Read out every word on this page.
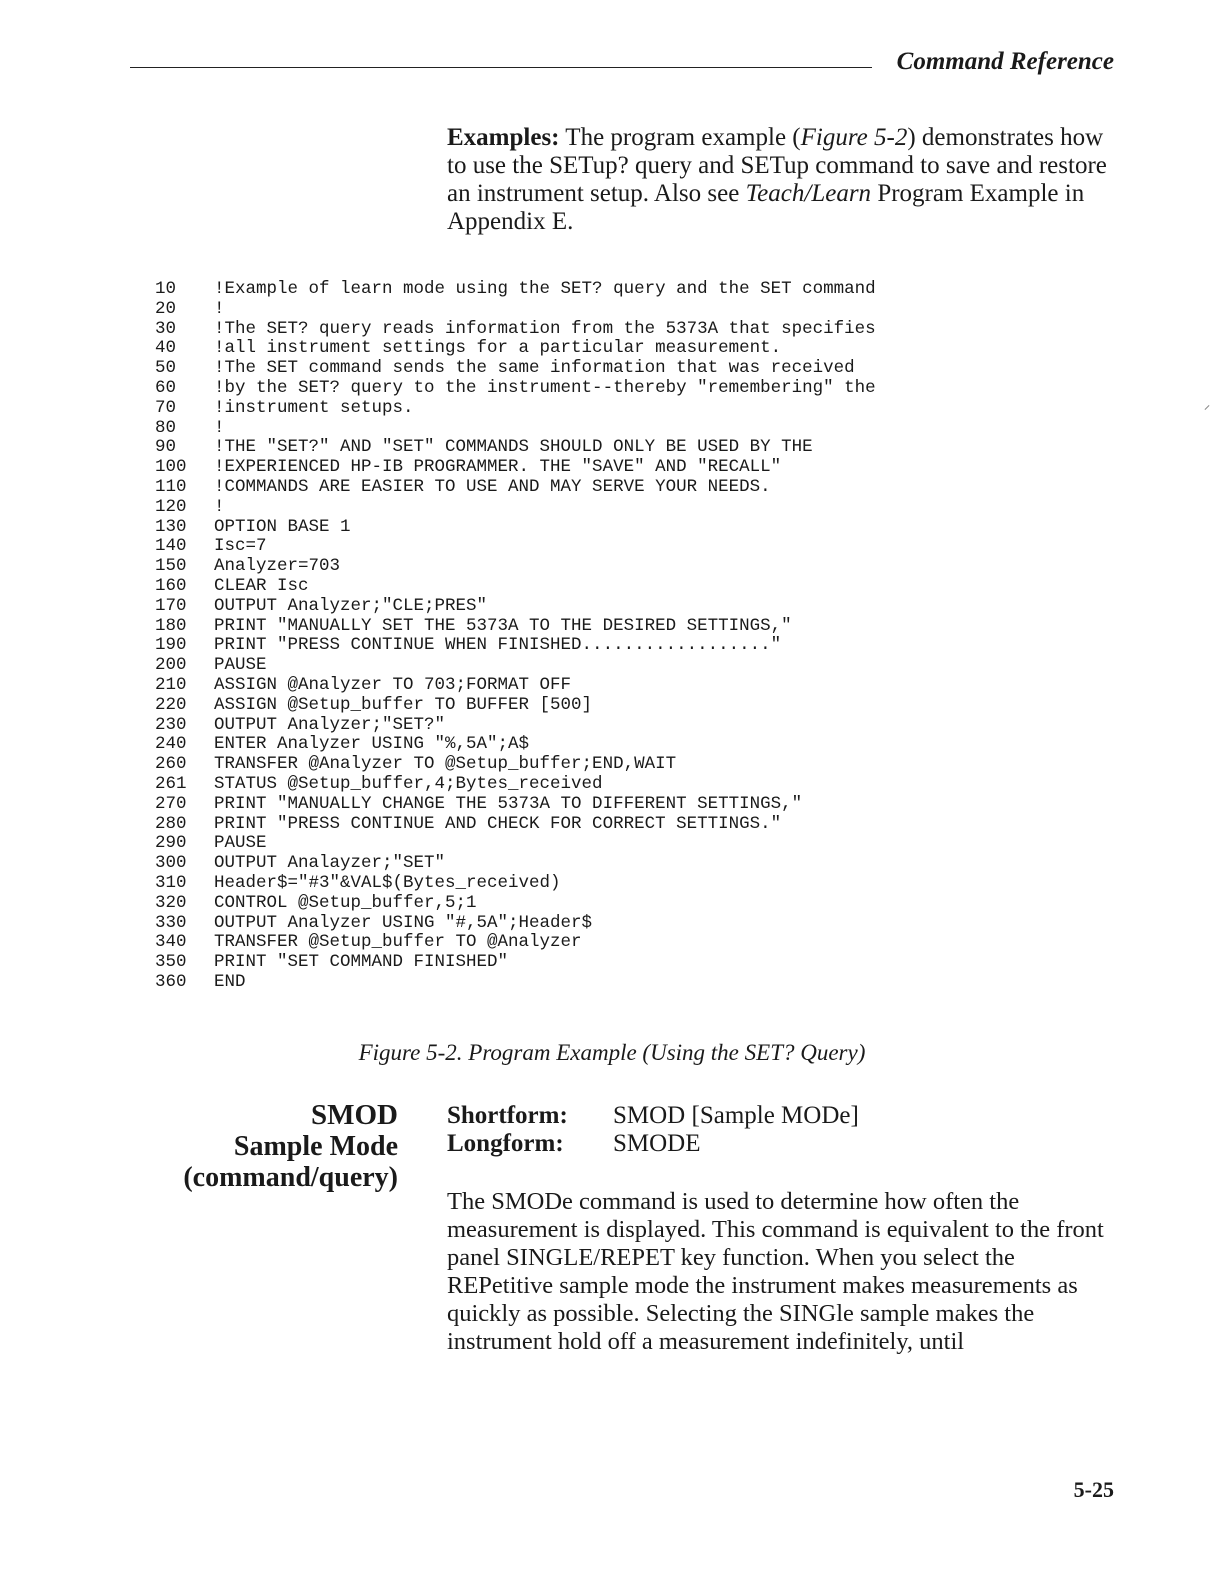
Command Reference
Examples: The program example (Figure 5-2) demonstrates how to use the SETup? query and SETup command to save and restore an instrument setup. Also see Teach/Learn Program Example in Appendix E.
10	!Example of learn mode using the SET? query and the SET command
20	!
30	!The SET? query reads information from the 5373A that specifies
40	!all instrument settings for a particular measurement.
50	!The SET command sends the same information that was received
60	!by the SET? query to the instrument--thereby "remembering" the
70	!instrument setups.
80	!
90	!THE "SET?" AND "SET" COMMANDS SHOULD ONLY BE USED BY THE
100	!EXPERIENCED HP-IB PROGRAMMER. THE "SAVE" AND "RECALL"
110	!COMMANDS ARE EASIER TO USE AND MAY SERVE YOUR NEEDS.
120	!
130	OPTION BASE 1
140	Isc=7
150	Analyzer=703
160	CLEAR Isc
170	OUTPUT Analyzer;"CLE;PRES"
180	PRINT "MANUALLY SET THE 5373A TO THE DESIRED SETTINGS,"
190	PRINT "PRESS CONTINUE WHEN FINISHED.................."
200	PAUSE
210	ASSIGN @Analyzer TO 703;FORMAT OFF
220	ASSIGN @Setup_buffer TO BUFFER [500]
230	OUTPUT Analyzer;"SET?"
240	ENTER Analyzer USING "%,5A";A$
260	TRANSFER @Analyzer TO @Setup_buffer;END,WAIT
261	STATUS @Setup_buffer,4;Bytes_received
270	PRINT "MANUALLY CHANGE THE 5373A TO DIFFERENT SETTINGS,"
280	PRINT "PRESS CONTINUE AND CHECK FOR CORRECT SETTINGS."
290	PAUSE
300	OUTPUT Analayzer;"SET"
310	Header$="#3"&VAL$(Bytes_received)
320	CONTROL @Setup_buffer,5;1
330	OUTPUT Analyzer USING "#,5A";Header$
340	TRANSFER @Setup_buffer TO @Analyzer
350	PRINT "SET COMMAND FINISHED"
360	END
Figure 5-2. Program Example (Using the SET? Query)
SMOD
Sample Mode
(command/query)
Shortform:	SMOD [Sample MODe]
Longform:	SMODE
The SMODe command is used to determine how often the measurement is displayed. This command is equivalent to the front panel SINGLE/REPET key function. When you select the REPetitive sample mode the instrument makes measurements as quickly as possible. Selecting the SINGle sample makes the instrument hold off a measurement indefinitely, until
5-25
